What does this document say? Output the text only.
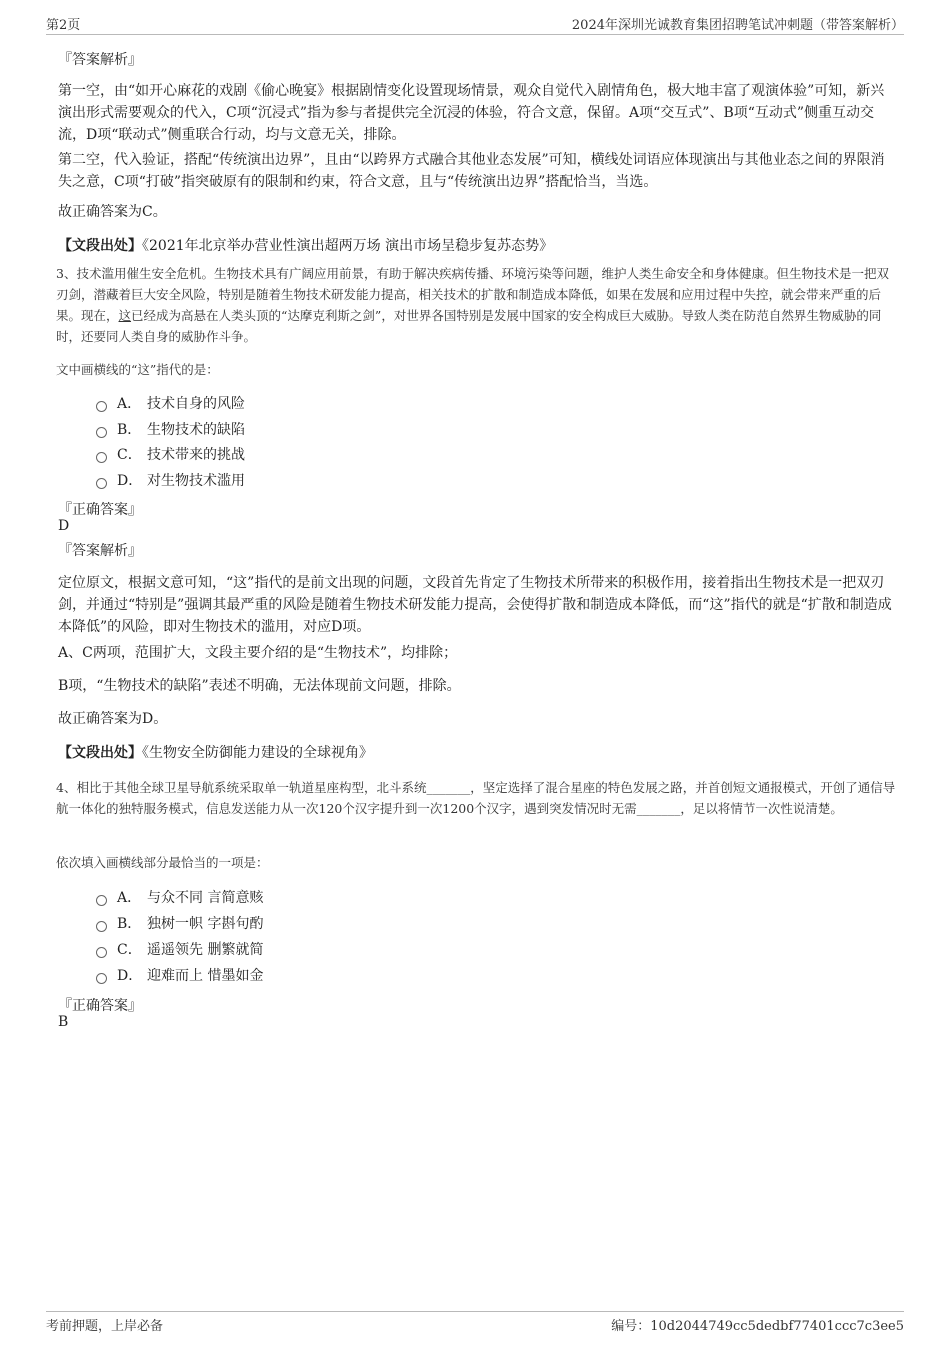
第2页	2024年深圳光诚教育集团招聘笔试冲刺题（带答案解析）
『答案解析』

第一空，由“如开心麻花的戏剧《偷心晚宴》根据剧情变化设置现场情景，观众自觉代入剧情角色，极大地丰富了观演体验”可知，新兴演出形式需要观众的代入，C项“沉浸式”指为参与者提供完全沉浸的体验，符合文意，保留。A项“交互式”、B项“互动式”侧重互动交流，D项“联动式”侧重联合行动，均与文意无关，排除。

第二空，代入验证，搭配“传统演出边界”，且由“以跨界方式融合其他业态发展”可知，横线处词语应体现演出与其他业态之间的界限消失之意，C项“打破”指突破原有的限制和约束，符合文意，且与“传统演出边界”搭配恰当，当选。

故正确答案为C。

【文段出处】《2021年北京举办营业性演出超两万场 演出市场呈稳步复苏态势》

3、技术滥用催生安全危机。生物技术具有广阔应用前景，有助于解决疾病传播、环境污染等问题，维护人类生命安全和身体健康。但生物技术是一把双刃剑，潜藏着巨大安全风险，特别是随着生物技术研发能力提高，相关技术的扩散和制造成本降低，如果在发展和应用过程中失控，就会带来严重的后果。现在，这已经成为高悬在人类头顶的“达摩克利斯之剑”，对世界各国特别是发展中国家的安全构成巨大威胁。导致人类在防范自然界生物威胁的同时，还要同人类自身的威胁作斗争。

文中画横线的“这”指代的是：
A． 技术自身的风险
B． 生物技术的缺陷
C． 技术带来的挑战
D． 对生物技术滥用
『正确答案』
D
『答案解析』

定位原文，根据文意可知，“这”指代的是前文出现的问题，文段首先肯定了生物技术所带来的积极作用，接着指出生物技术是一把双刃剑，并通过“特别是”强调其最严重的风险是随着生物技术研发能力提高，会使得扩散和制造成本降低，而“这”指代的就是“扩散和制造成本降低”的风险，即对生物技术的滥用，对应D项。

A、C两项，范围扩大，文段主要介绍的是“生物技术”，均排除；

B项，“生物技术的缺陷”表述不明确，无法体现前文问题，排除。

故正确答案为D。

【文段出处】《生物安全防御能力建设的全球视角》

4、相比于其他全球卫星导航系统采取单一轨道星座构型，北斗系统_______，坚定选择了混合星座的特色发展之路，并首创短文通报模式，开创了通信导航一体化的独特服务模式，信息发送能力从一次120个汉字提升到一次1200个汉字，遇到突发情况时无需_______，足以将情节一次性说清楚。

依次填入画横线部分最恰当的一项是：
A． 与众不同 言简意赅
B． 独树一帜 字斟句酌
C． 遥遥领先 删繁就简
D． 迎难而上 惜墨如金
『正确答案』
B
考前押题，上岸必备	编号：10d2044749cc5dedbf77401ccc7c3ee5
